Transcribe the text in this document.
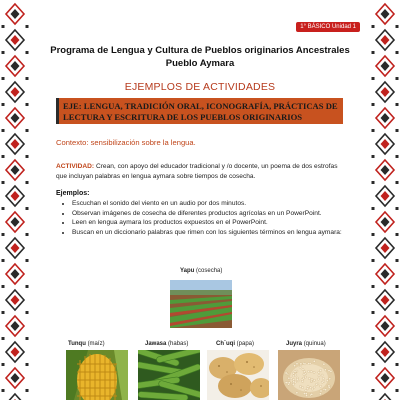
1° BÁSICO Unidad 1
Programa de Lengua y Cultura de Pueblos originarios Ancestrales
Pueblo Aymara
EJEMPLOS DE ACTIVIDADES
EJE: LENGUA, TRADICIÓN ORAL, ICONOGRAFÍA, PRÁCTICAS DE LECTURA Y ESCRITURA DE LOS PUEBLOS ORIGINARIOS
Contexto: sensibilización sobre la lengua.
ACTIVIDAD: Crean, con apoyo del educador tradicional y /o docente, un poema de dos estrofas que incluyan palabras en lengua aymara sobre tiempos de cosecha.
Ejemplos:
• Escuchan el sonido del viento en un audio por dos minutos.
• Observan imágenes de cosecha de diferentes productos agrícolas en un PowerPoint.
• Leen en lengua aymara los productos expuestos en el PowerPoint.
• Buscan en un diccionario palabras que rimen con los siguientes términos en lengua aymara:
Yapu (cosecha)
Tunqu (maíz)	Jawasa (habas)	Ch´uqi (papa)	Juyra (quinua)
